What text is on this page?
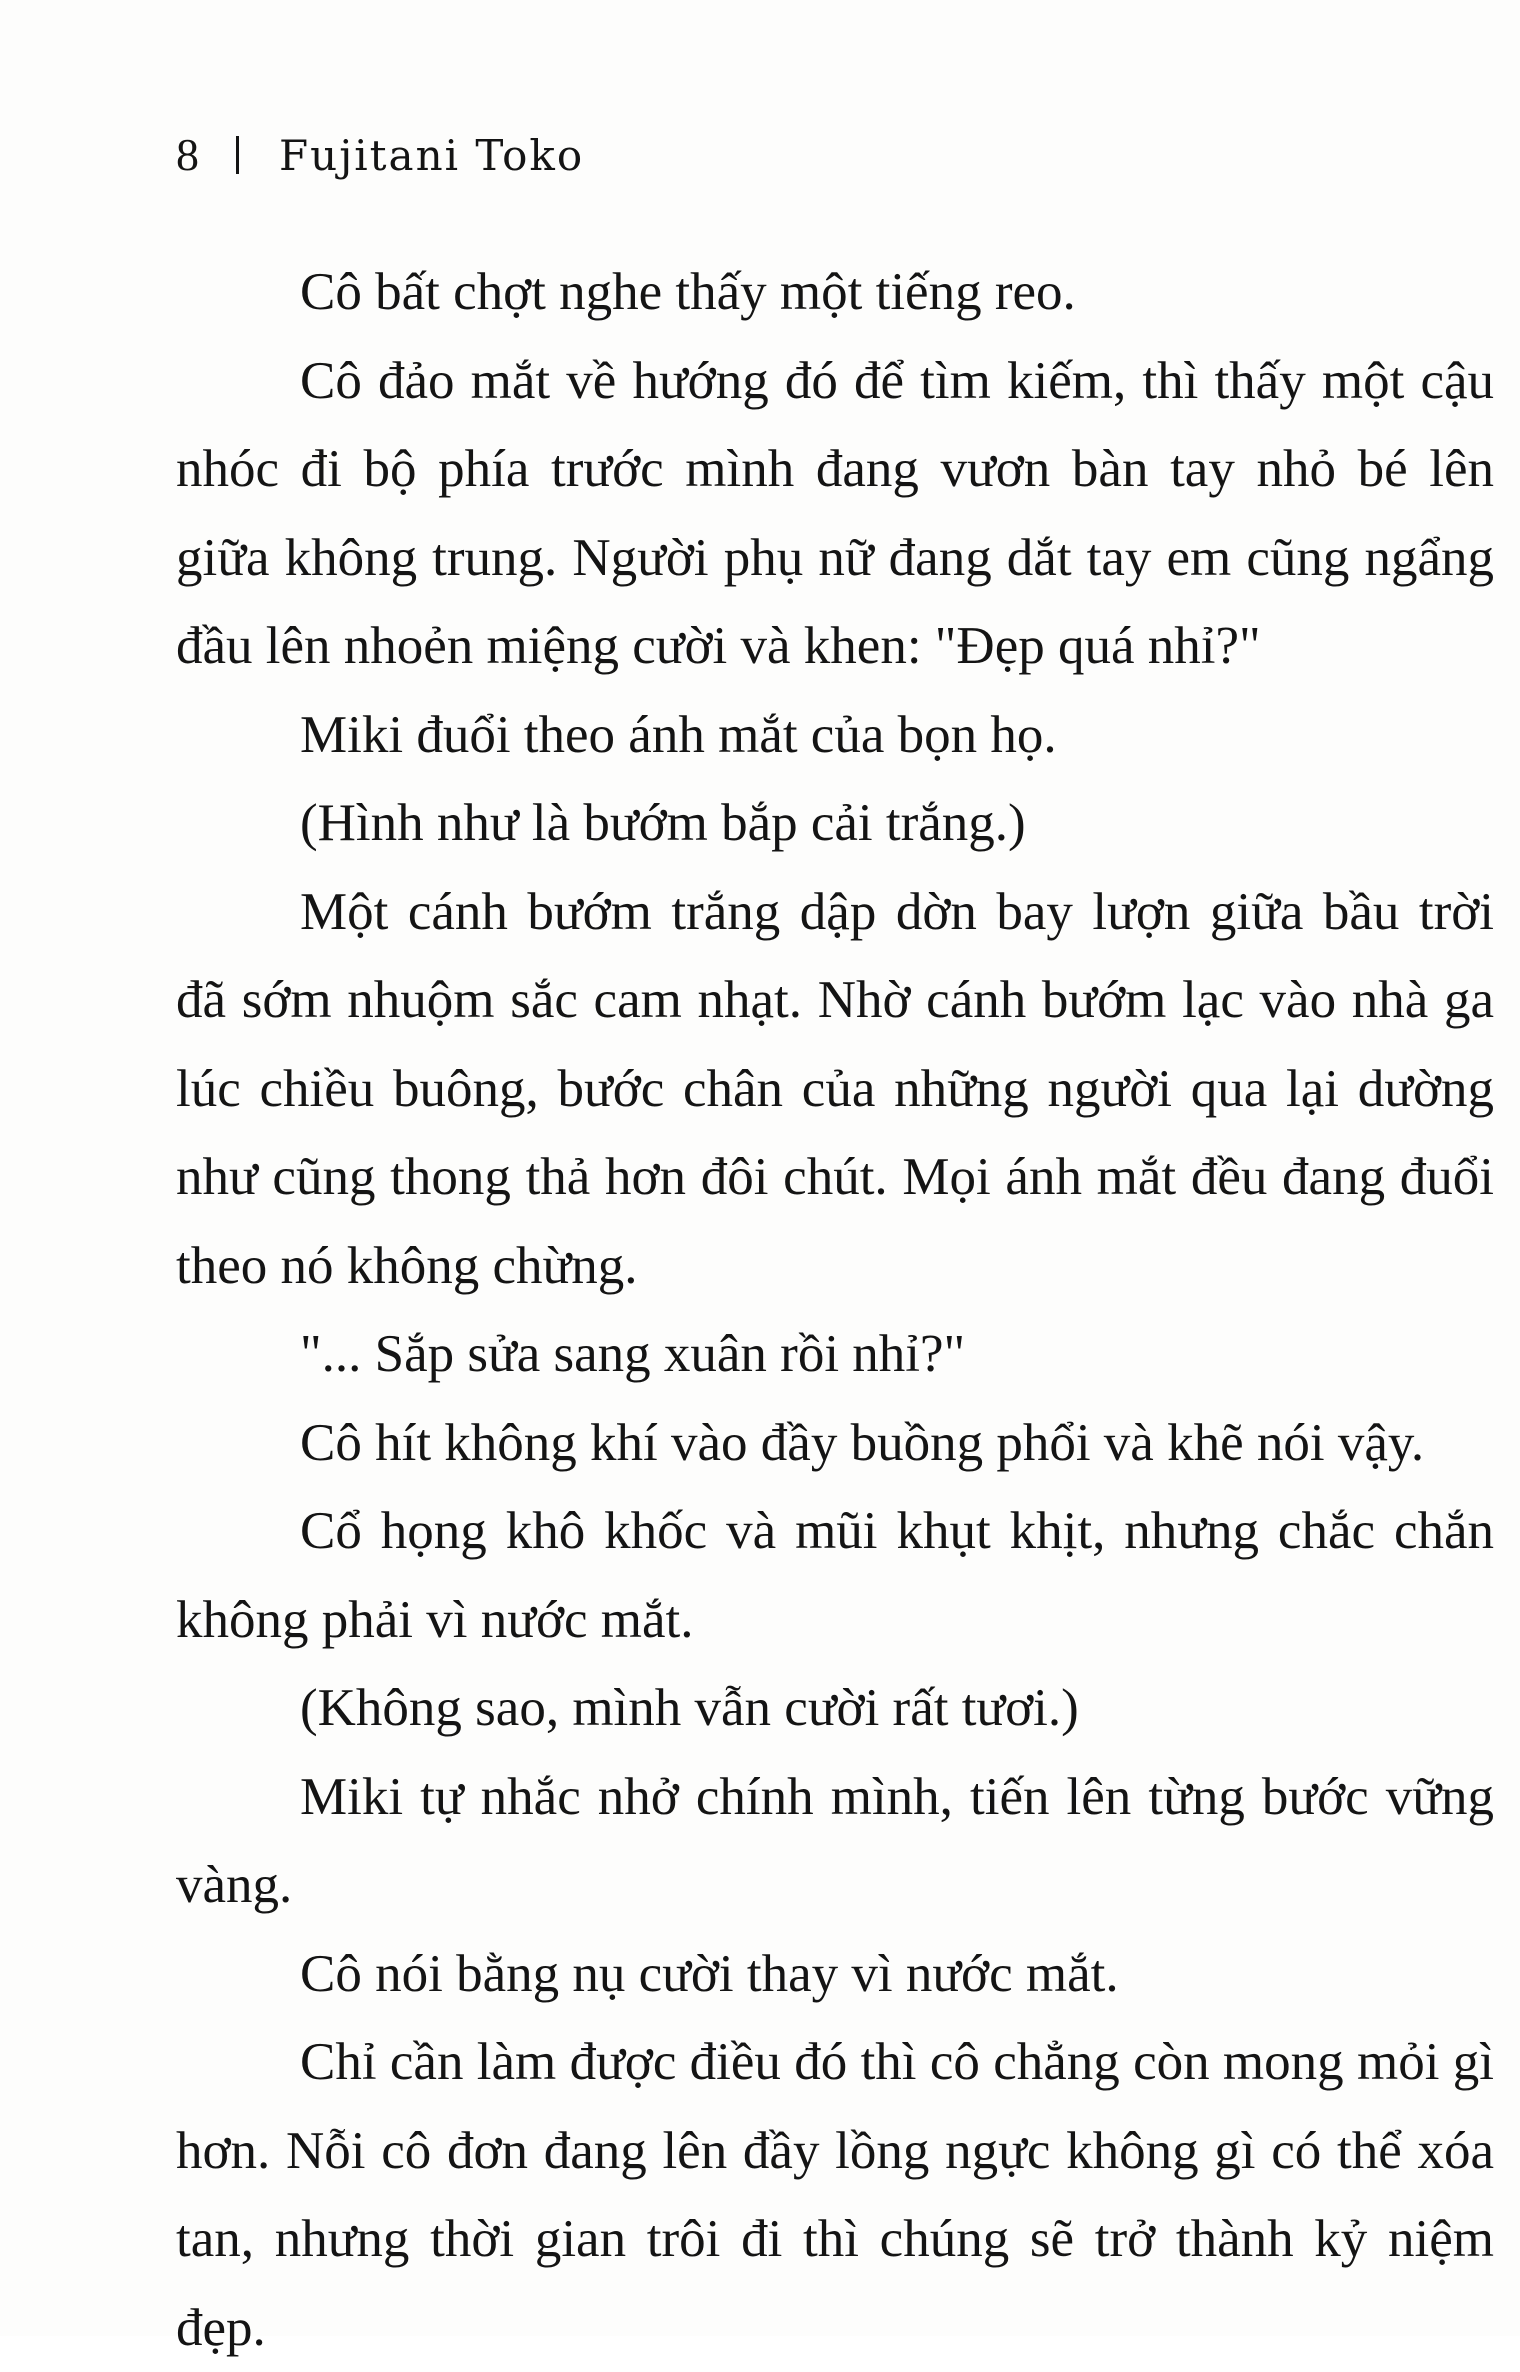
8 Fujitani Toko

Cô bất chợt nghe thấy một tiếng reo.

Cô đảo mắt về hướng đó để tìm kiếm, thì thấy một cậu nhóc đi bộ phía trước mình đang vươn bàn tay nhỏ bé lên giữa không trung. Người phụ nữ đang dắt tay em cũng ngẩng đầu lên nhoẻn miệng cười và khen: "Đẹp quá nhỉ?"

Miki đuổi theo ánh mắt của bọn họ.

(Hình như là bướm bắp cải trắng.)

Một cánh bướm trắng dập dờn bay lượn giữa bầu trời đã sớm nhuộm sắc cam nhạt. Nhờ cánh bướm lạc vào nhà ga lúc chiều buông, bước chân của những người qua lại dường như cũng thong thả hơn đôi chút. Mọi ánh mắt đều đang đuổi theo nó không chừng.

"... Sắp sửa sang xuân rồi nhỉ?"

Cô hít không khí vào đầy buồng phổi và khẽ nói vậy.

Cổ họng khô khốc và mũi khụt khịt, nhưng chắc chắn không phải vì nước mắt.

(Không sao, mình vẫn cười rất tươi.)

Miki tự nhắc nhở chính mình, tiến lên từng bước vững vàng.

Cô nói bằng nụ cười thay vì nước mắt.

Chỉ cần làm được điều đó thì cô chẳng còn mong mỏi gì hơn. Nỗi cô đơn đang lên đầy lồng ngực không gì có thể xóa tan, nhưng thời gian trôi đi thì chúng sẽ trở thành kỷ niệm đẹp.
